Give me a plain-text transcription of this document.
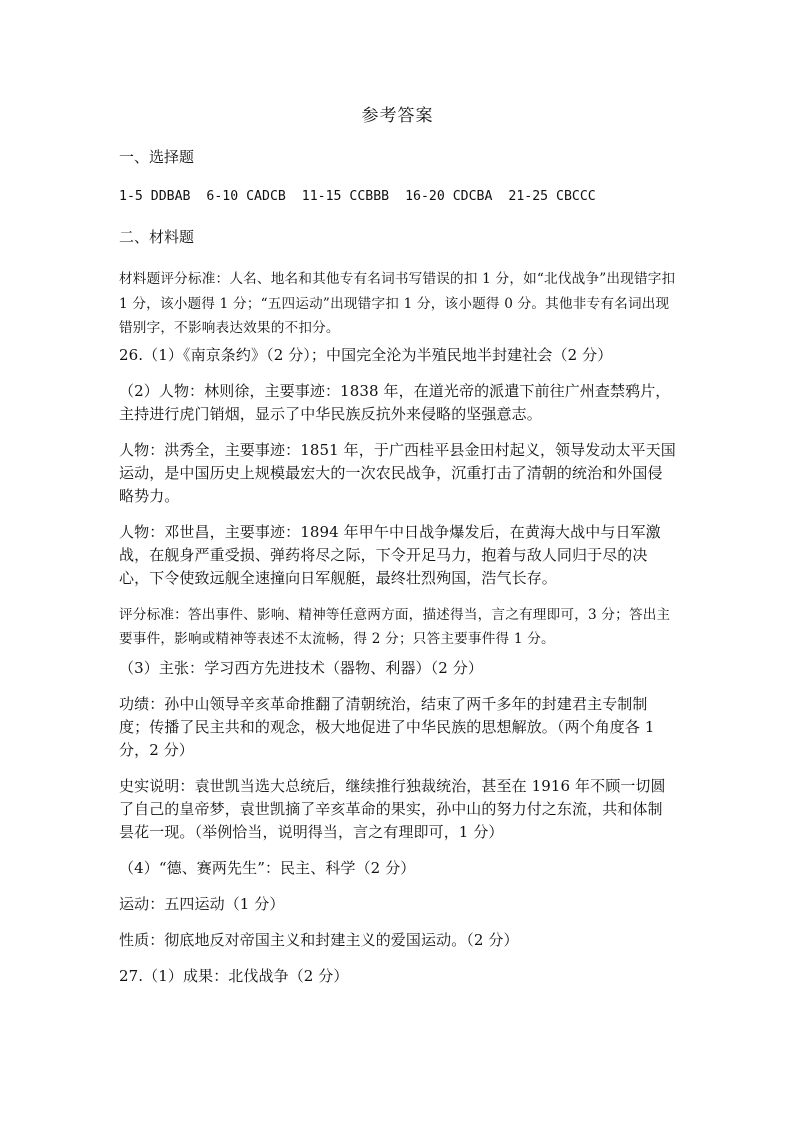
参考答案
一、选择题
1-5 DDBAB 6-10 CADCB 11-15 CCBBB 16-20 CDCBA 21-25 CBCCC
二、材料题
材料题评分标准：人名、地名和其他专有名词书写错误的扣 1 分，如“北伐战争”出现错字扣 1 分，该小题得 1 分；“五四运动”出现错字扣 1 分，该小题得 0 分。其他非专有名词出现错别字，不影响表达效果的不扣分。
26.（1）《南京条约》（2 分）；中国完全沦为半殖民地半封建社会（2 分）
（2）人物：林则徐，主要事迹：1838 年，在道光帝的派遣下前往广州查禁鸦片，主持进行虎门销烟，显示了中华民族反抗外来侵略的坚强意志。
人物：洪秀全，主要事迹：1851 年，于广西桂平县金田村起义，领导发动太平天国运动，是中国历史上规模最宏大的一次农民战争，沉重打击了清朝的统治和外国侵略势力。
人物：邓世昌，主要事迹：1894 年甲午中日战争爆发后，在黄海大战中与日军激战，在舰身严重受损、弹药将尽之际，下令开足马力，抱着与敌人同归于尽的决心，下令使致远舰全速撞向日军舰艇，最终壮烈殉国，浩气长存。
评分标准：答出事件、影响、精神等任意两方面，描述得当，言之有理即可，3 分；答出主要事件，影响或精神等表述不太流畅，得 2 分；只答主要事件得 1 分。
（3）主张：学习西方先进技术（器物、利器）（2 分）
功绩：孙中山领导辛亥革命推翻了清朝统治，结束了两千多年的封建君主专制制度；传播了民主共和的观念，极大地促进了中华民族的思想解放。（两个角度各 1 分，2 分）
史实说明：袁世凯当选大总统后，继续推行独裁统治，甚至在 1916 年不顾一切圆了自己的皇帝梦，袁世凯摘了辛亥革命的果实，孙中山的努力付之东流，共和体制昙花一现。（举例恰当，说明得当，言之有理即可，1 分）
（4）“德、赛两先生”：民主、科学（2 分）
运动：五四运动（1 分）
性质：彻底地反对帝国主义和封建主义的爱国运动。（2 分）
27.（1）成果：北伐战争（2 分）
